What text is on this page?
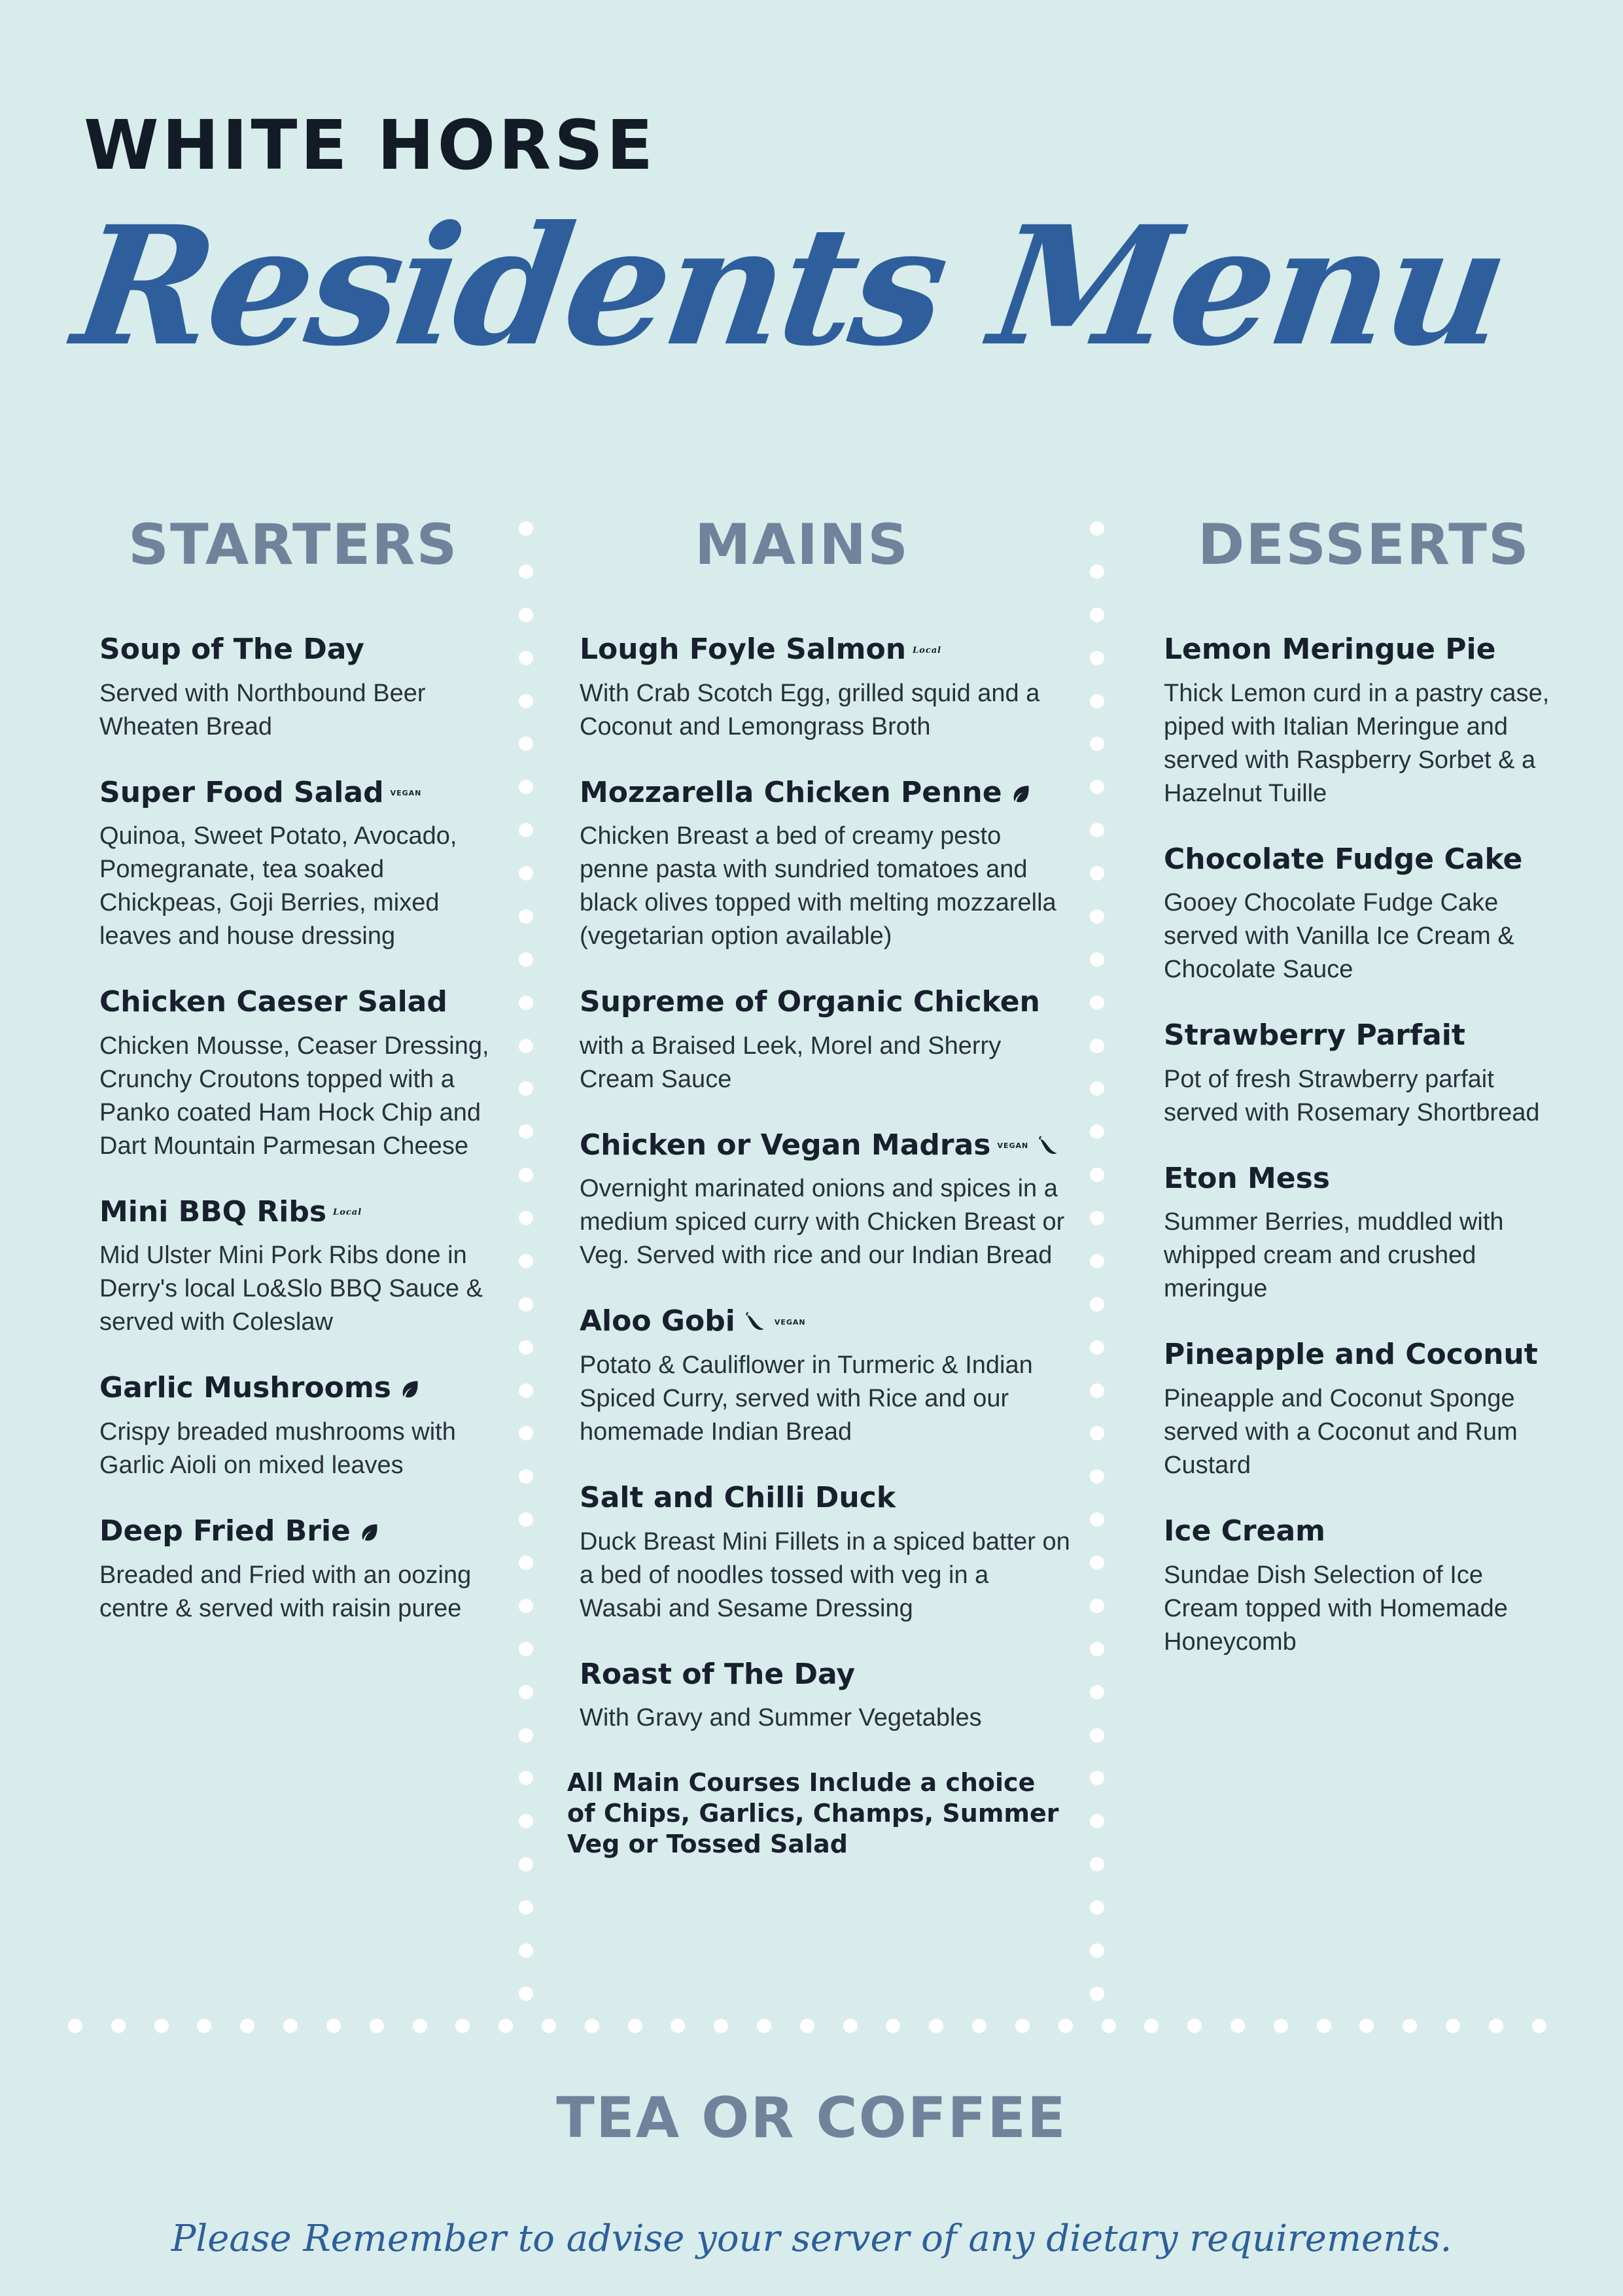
WHITE HORSE
Residents Menu
STARTERS

Soup of The Day

Served with Northbound Beer Wheaten Bread

Super Food Salad VEGAN

Quinoa, Sweet Potato, Avocado, Pomegranate, tea soaked Chickpeas, Goji Berries, mixed leaves and house dressing

Chicken Caeser Salad

Chicken Mousse, Ceaser Dressing, Crunchy Croutons topped with a Panko coated Ham Hock Chip and Dart Mountain Parmesan Cheese

Mini BBQ Ribs Local

Mid Ulster Mini Pork Ribs done in Derry's local Lo&Slo BBQ Sauce & served with Coleslaw

Garlic Mushrooms

Crispy breaded mushrooms with Garlic Aioli on mixed leaves

Deep Fried Brie

Breaded and Fried with an oozing centre & served with raisin puree

MAINS

Lough Foyle Salmon Local

With Crab Scotch Egg, grilled squid and a Coconut and Lemongrass Broth

Mozzarella Chicken Penne

Chicken Breast a bed of creamy pesto penne pasta with sundried tomatoes and black olives topped with melting mozzarella (vegetarian option available)

Supreme of Organic Chicken

with a Braised Leek, Morel and Sherry Cream Sauce

Chicken or Vegan Madras VEGAN

Overnight marinated onions and spices in a medium spiced curry with Chicken Breast or Veg. Served with rice and our Indian Bread

Aloo Gobi	VEGAN

Potato & Cauliflower in Turmeric & Indian Spiced Curry, served with Rice and our homemade Indian Bread

Salt and Chilli Duck

Duck Breast Mini Fillets in a spiced batter on a bed of noodles tossed with veg in a Wasabi and Sesame Dressing

Roast of The Day

With Gravy and Summer Vegetables

All Main Courses Include a choice of Chips, Garlics, Champs, Summer Veg or Tossed Salad

DESSERTS

Lemon Meringue Pie

Thick Lemon curd in a pastry case, piped with Italian Meringue and served with Raspberry Sorbet & a Hazelnut Tuille

Chocolate Fudge Cake

Gooey Chocolate Fudge Cake served with Vanilla Ice Cream & Chocolate Sauce

Strawberry Parfait

Pot of fresh Strawberry parfait served with Rosemary Shortbread

Eton Mess

Summer Berries, muddled with whipped cream and crushed meringue

Pineapple and Coconut

Pineapple and Coconut Sponge served with a Coconut and Rum Custard

Ice Cream

Sundae Dish Selection of Ice Cream topped with Homemade Honeycomb

TEA OR COFFEE

Please Remember to advise your server of any dietary requirements.
